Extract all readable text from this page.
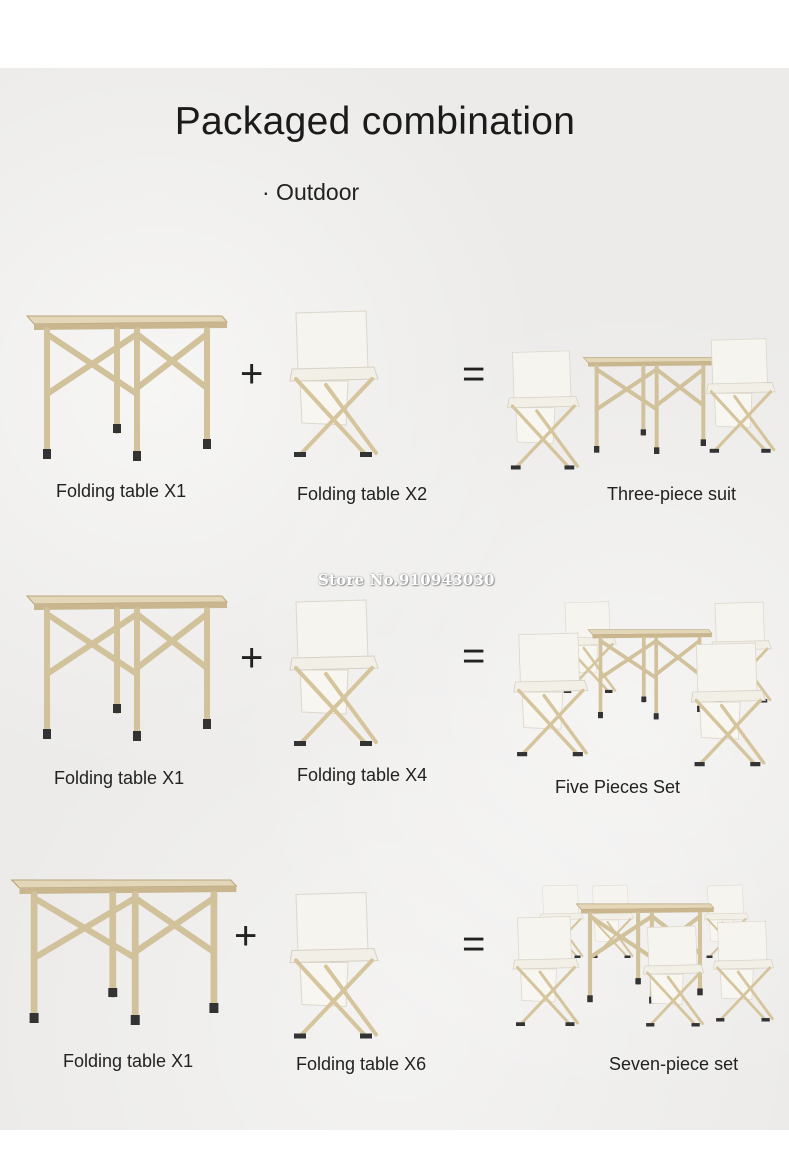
Packaged combination
· Outdoor
+	=
Folding table X1	Folding table X2	Three-piece suit
Store No.910943030
+	=
Folding table X1	Folding table X4
Five Pieces Set
+	=
Folding table X1	Folding table X6	Seven-piece set
